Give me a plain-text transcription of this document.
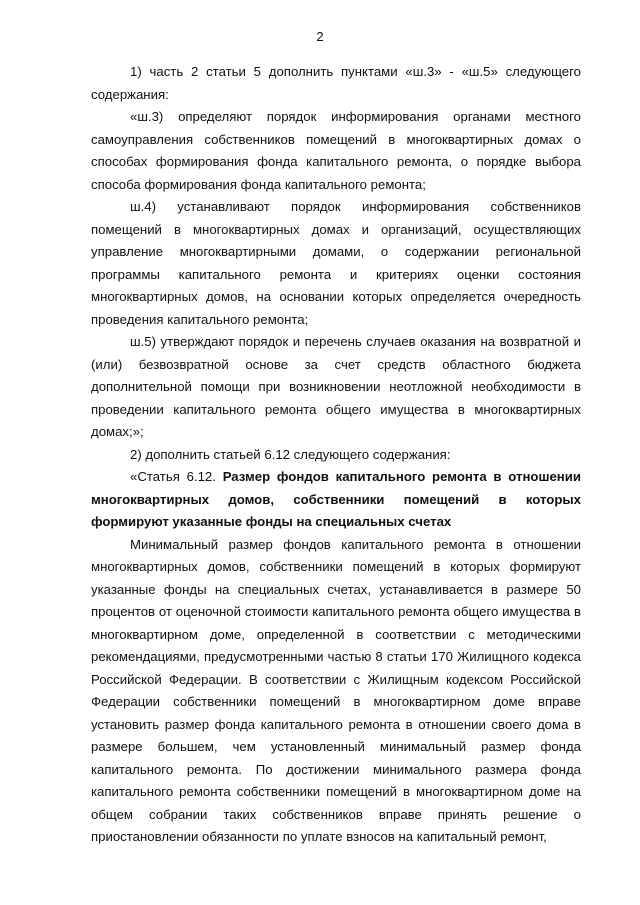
2

1) часть 2 статьи 5 дополнить пунктами «ш.3» - «ш.5» следующего содержания:

«ш.3) определяют порядок информирования органами местного самоуправления собственников помещений в многоквартирных домах о способах формирования фонда капитального ремонта, о порядке выбора способа формирования фонда капитального ремонта;

ш.4) устанавливают порядок информирования собственников помещений в многоквартирных домах и организаций, осуществляющих управление многоквартирными домами, о содержании региональной программы капитального ремонта и критериях оценки состояния многоквартирных домов, на основании которых определяется очередность проведения капитального ремонта;

ш.5) утверждают порядок и перечень случаев оказания на возвратной и (или) безвозвратной основе за счет средств областного бюджета дополнительной помощи при возникновении неотложной необходимости в проведении капитального ремонта общего имущества в многоквартирных домах;»;

2) дополнить статьей 6.12 следующего содержания:

«Статья 6.12. Размер фондов капитального ремонта в отношении многоквартирных домов, собственники помещений в которых формируют указанные фонды на специальных счетах

Минимальный размер фондов капитального ремонта в отношении многоквартирных домов, собственники помещений в которых формируют указанные фонды на специальных счетах, устанавливается в размере 50 процентов от оценочной стоимости капитального ремонта общего имущества в многоквартирном доме, определенной в соответствии с методическими рекомендациями, предусмотренными частью 8 статьи 170 Жилищного кодекса Российской Федерации. В соответствии с Жилищным кодексом Российской Федерации собственники помещений в многоквартирном доме вправе установить размер фонда капитального ремонта в отношении своего дома в размере большем, чем установленный минимальный размер фонда капитального ремонта. По достижении минимального размера фонда капитального ремонта собственники помещений в многоквартирном доме на общем собрании таких собственников вправе принять решение о приостановлении обязанности по уплате взносов на капитальный ремонт,
